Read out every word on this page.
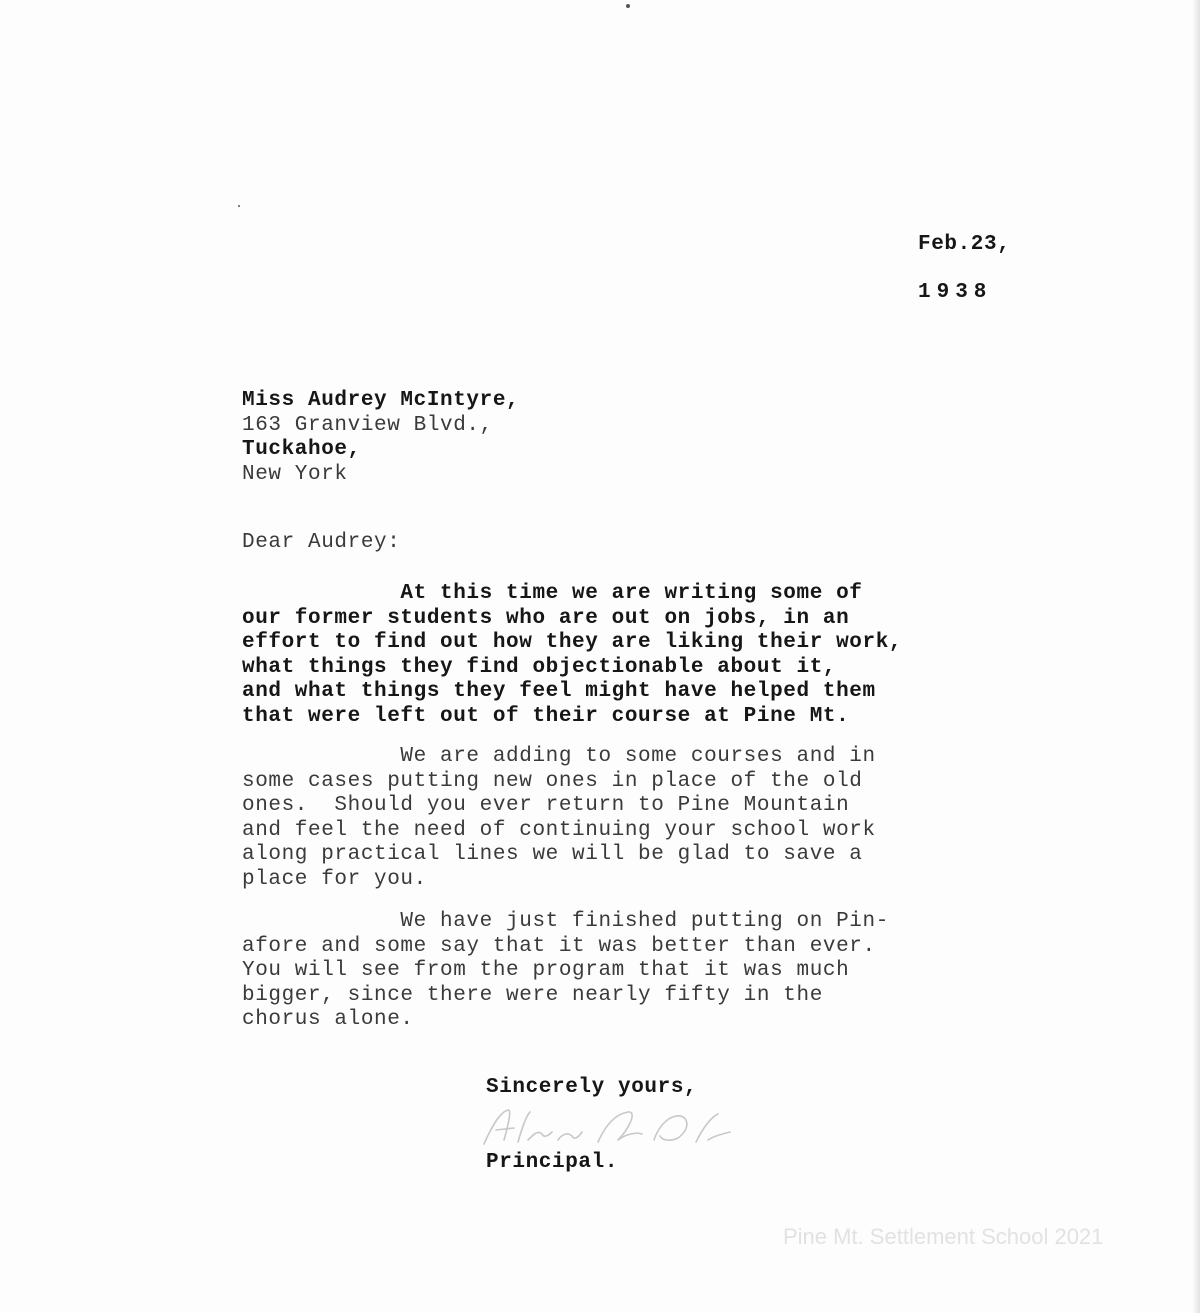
Feb.23,
1938
Miss Audrey McIntyre,
163 Granview Blvd.,
Tuckahoe,
New York
Dear Audrey:
At this time we are writing some of
our former students who are out on jobs, in an
effort to find out how they are liking their work,
what things they find objectionable about it,
and what things they feel might have helped them
that were left out of their course at Pine Mt.
We are adding to some courses and in
some cases putting new ones in place of the old
ones.  Should you ever return to Pine Mountain
and feel the need of continuing your school work
along practical lines we will be glad to save a
place for you.
We have just finished putting on Pin-
afore and some say that it was better than ever.
You will see from the program that it was much
bigger, since there were nearly fifty in the
chorus alone.
Sincerely yours,
Principal.
Pine Mt. Settlement School 2021
